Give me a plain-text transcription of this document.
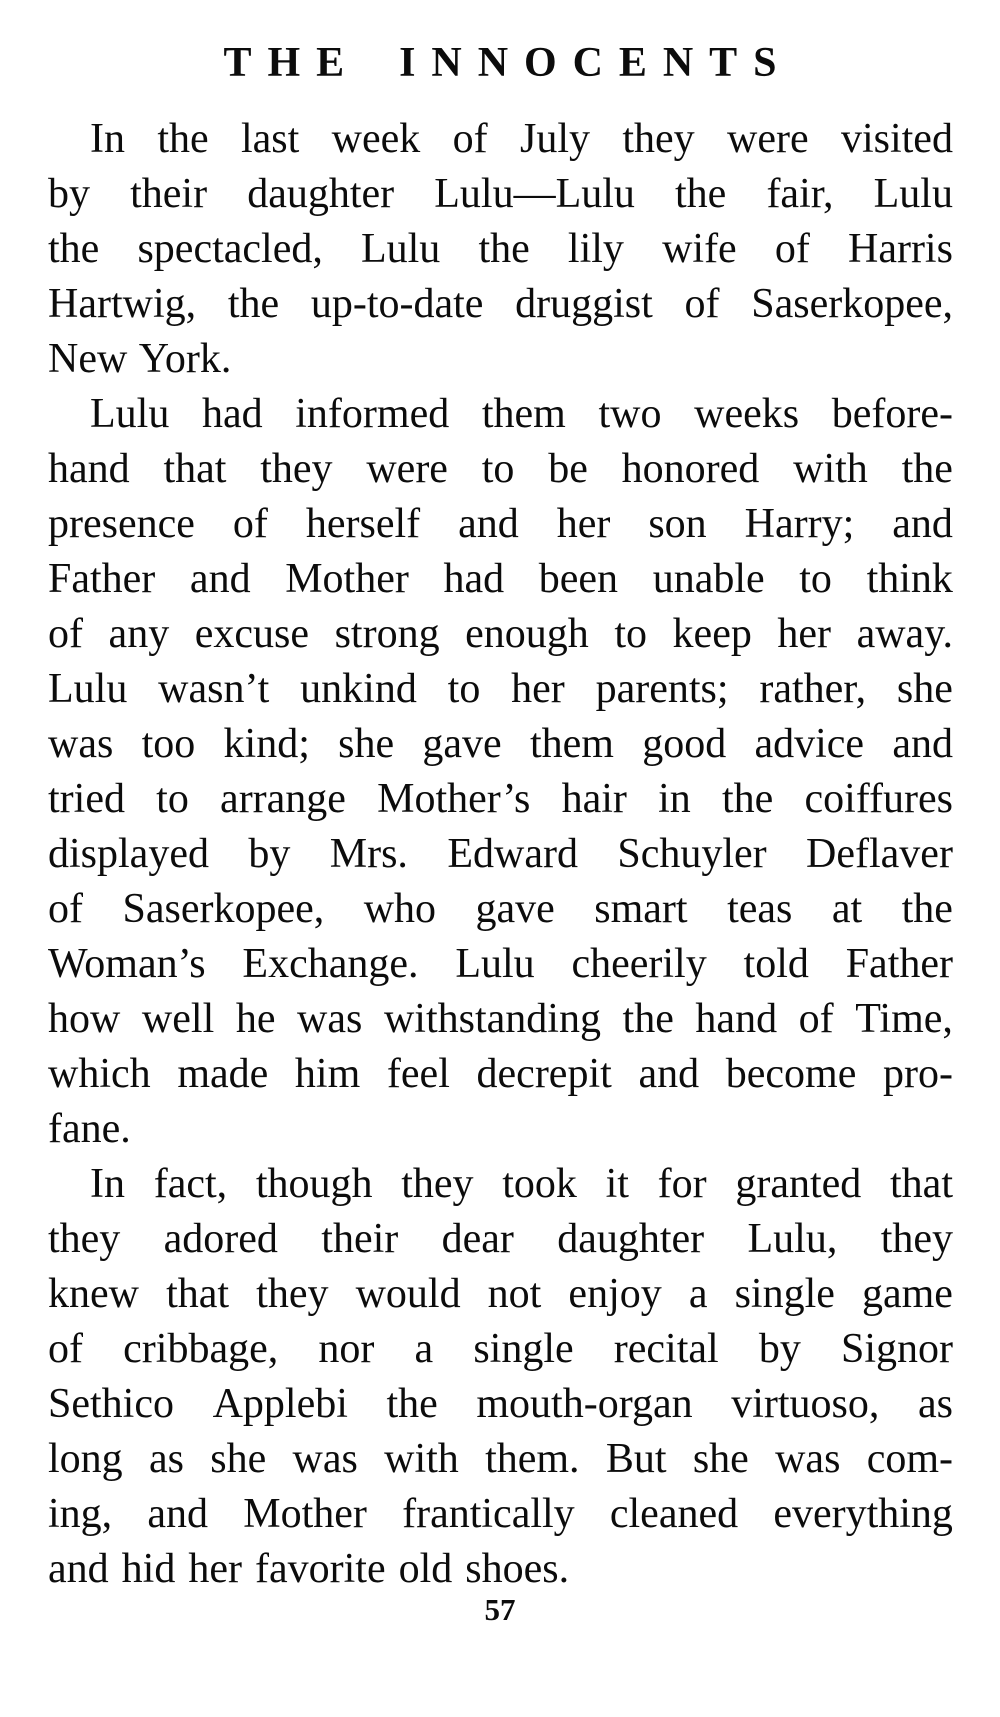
THE INNOCENTS
In the last week of July they were visited
by their daughter Lulu—Lulu the fair, Lulu
the spectacled, Lulu the lily wife of Harris
Hartwig, the up-to-date druggist of Saserkopee,
New York.
Lulu had informed them two weeks before-
hand that they were to be honored with the
presence of herself and her son Harry; and
Father and Mother had been unable to think
of any excuse strong enough to keep her away.
Lulu wasn’t unkind to her parents; rather, she
was too kind; she gave them good advice and
tried to arrange Mother’s hair in the coiffures
displayed by Mrs. Edward Schuyler Deflaver
of Saserkopee, who gave smart teas at the
Woman’s Exchange. Lulu cheerily told Father
how well he was withstanding the hand of Time,
which made him feel decrepit and become pro-
fane.
In fact, though they took it for granted that
they adored their dear daughter Lulu, they
knew that they would not enjoy a single game
of cribbage, nor a single recital by Signor
Sethico Applebi the mouth-organ virtuoso, as
long as she was with them. But she was com-
ing, and Mother frantically cleaned everything
and hid her favorite old shoes.
57
